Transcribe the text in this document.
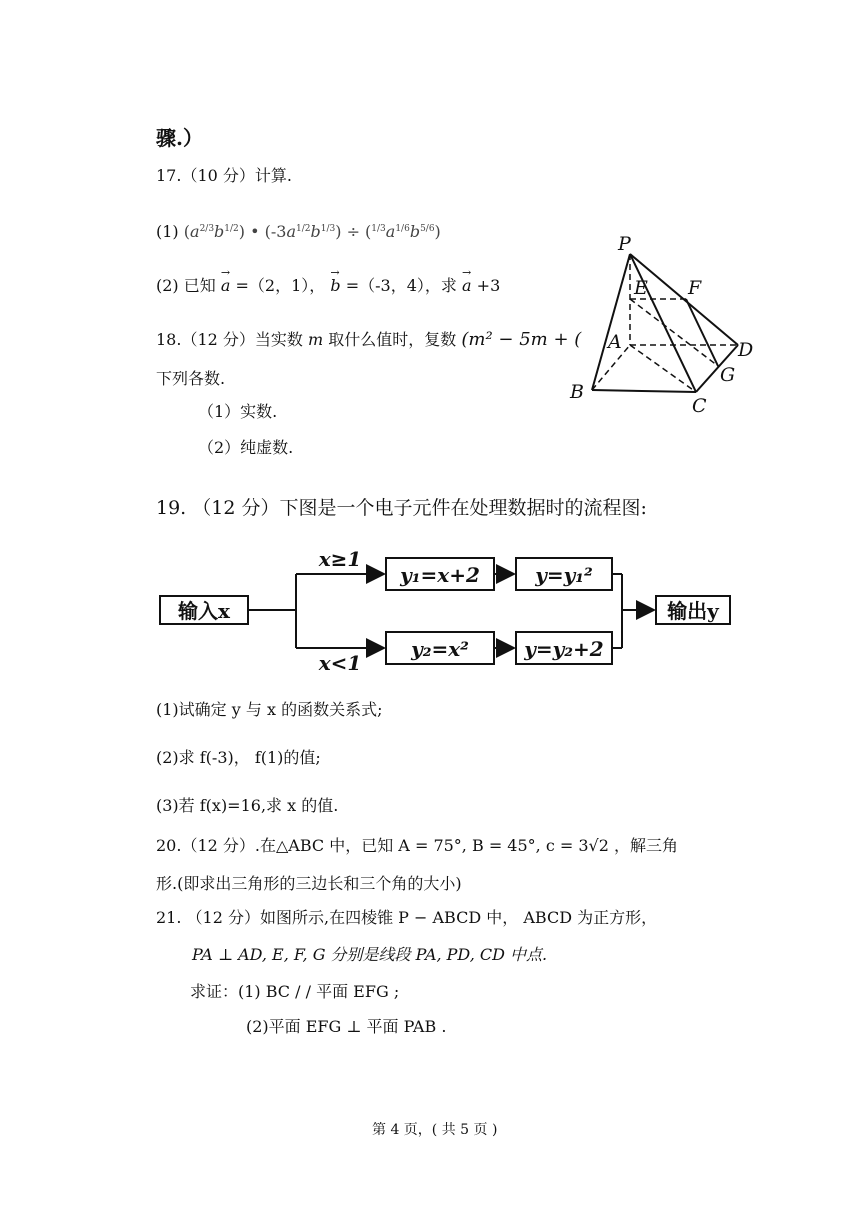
骤.）
17.（10 分）计算.
(1) (a2/3b1/2) • (-3a1/2b1/3) ÷ (1/3a1/6b5/6)
(2) 已知 → a =（2，1）， → b =（-3，4），求 → a +3
18.（12 分）当实数 m 取什么值时，复数 (m² − 5m + (
下列各数.
（1）实数.
（2）纯虚数.
P
E F
A	D
G
B
C
19. （12 分）下图是一个电子元件在处理数据时的流程图:
输入x
x≥1
x<1
y₁=x+2	y=y₁²
y₂=x²	y=y₂+2
输出y
(1)试确定 y 与 x 的函数关系式;
(2)求 f(-3)， f(1)的值;
(3)若 f(x)=16,求 x 的值.
20.（12 分）.在△ABC 中，已知 A = 75°, B = 45°, c = 3√2 ，解三角
形.(即求出三角形的三边长和三个角的大小)
21. （12 分）如图所示,在四棱锥 P − ABCD 中， ABCD 为正方形，
PA ⊥ AD, E, F, G 分别是线段 PA, PD, CD 中点.
求证：(1) BC / / 平面 EFG ;
(2)平面 EFG ⊥ 平面 PAB .
第 4 页，( 共 5 页 )
